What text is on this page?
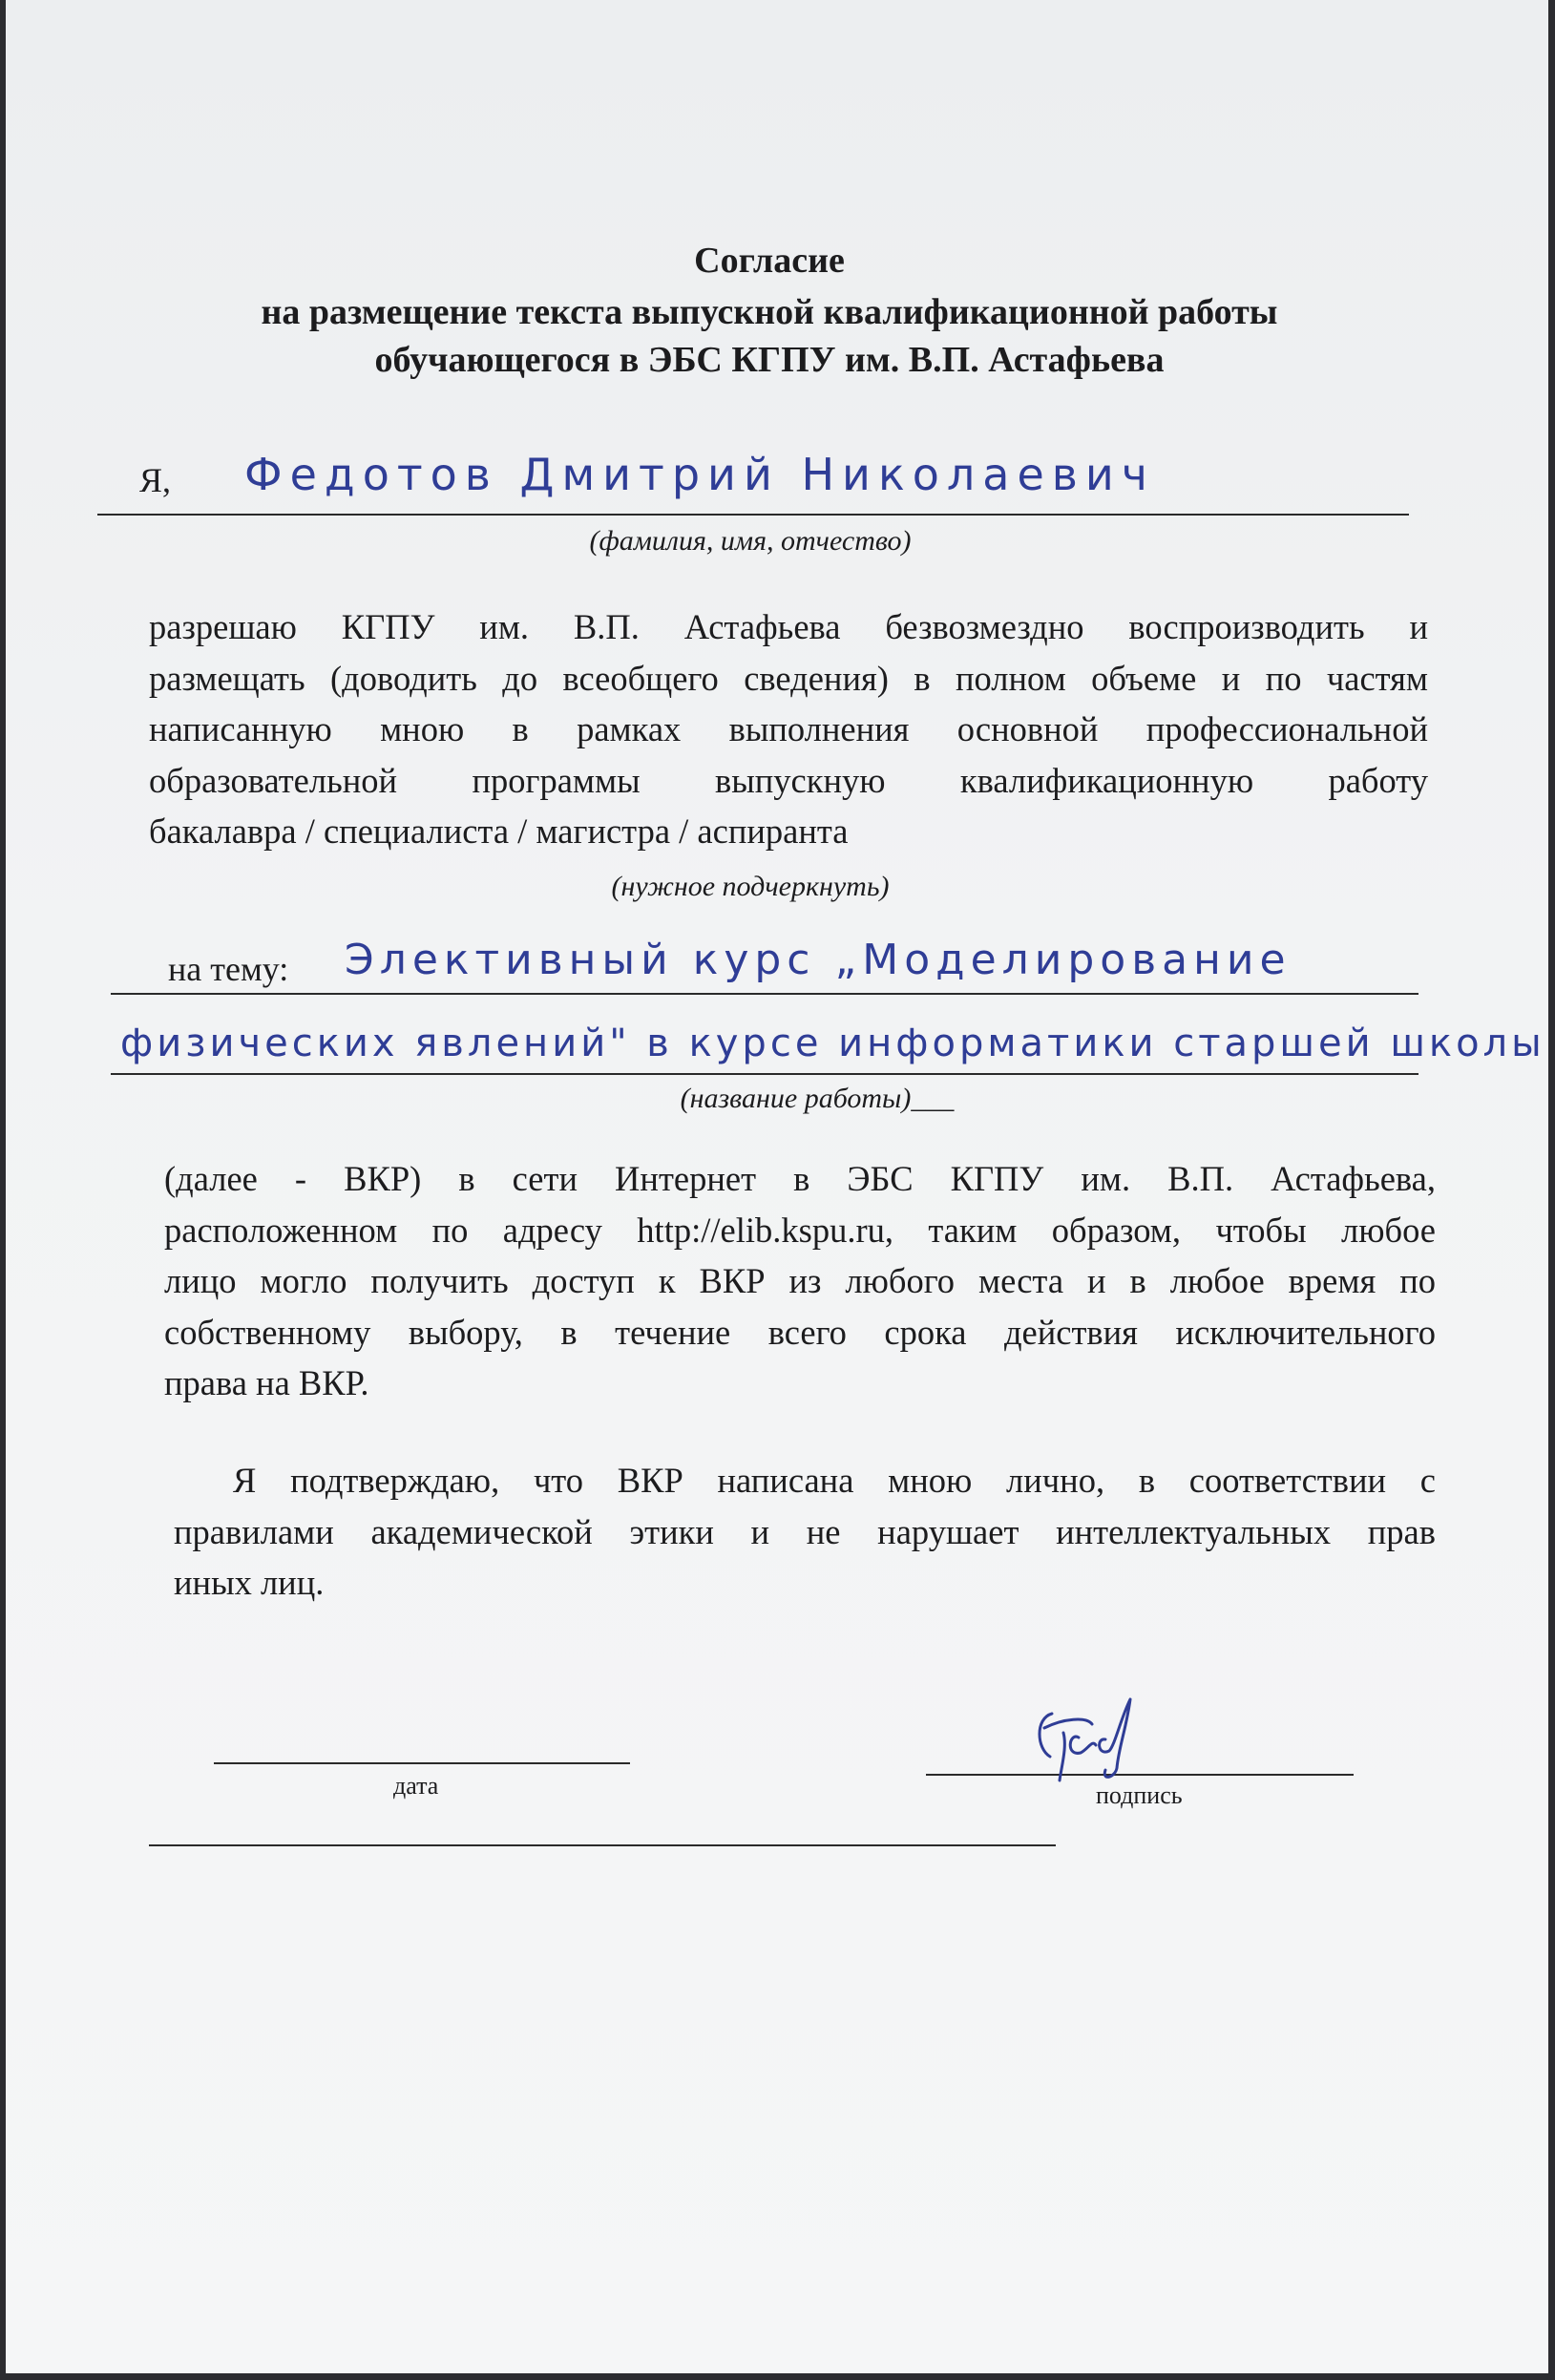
Согласие
на размещение текста выпускной квалификационной работы
обучающегося в ЭБС КГПУ им. В.П. Астафьева
Я, Федотов Дмитрий Николаевич
(фамилия, имя, отчество)
разрешаю КГПУ им. В.П. Астафьева безвозмездно воспроизводить и
размещать (доводить до всеобщего сведения) в полном объеме и по частям
написанную мною в рамках выполнения основной профессиональной
образовательной программы выпускную квалификационную работу
бакалавра / специалиста / магистра / аспиранта
(нужное подчеркнуть)
на тему: Элективный курс „Моделирование
физических явлений" в курсе информатики старшей школы
(название работы)___
(далее - ВКР) в сети Интернет в ЭБС КГПУ им. В.П. Астафьева,
расположенном по адресу http://elib.kspu.ru, таким образом, чтобы любое
лицо могло получить доступ к ВКР из любого места и в любое время по
собственному выбору, в течение всего срока действия исключительного
права на ВКР.
Я подтверждаю, что ВКР написана мною лично, в соответствии с
правилами академической этики и не нарушает интеллектуальных прав
иных лиц.
дата	подпись
